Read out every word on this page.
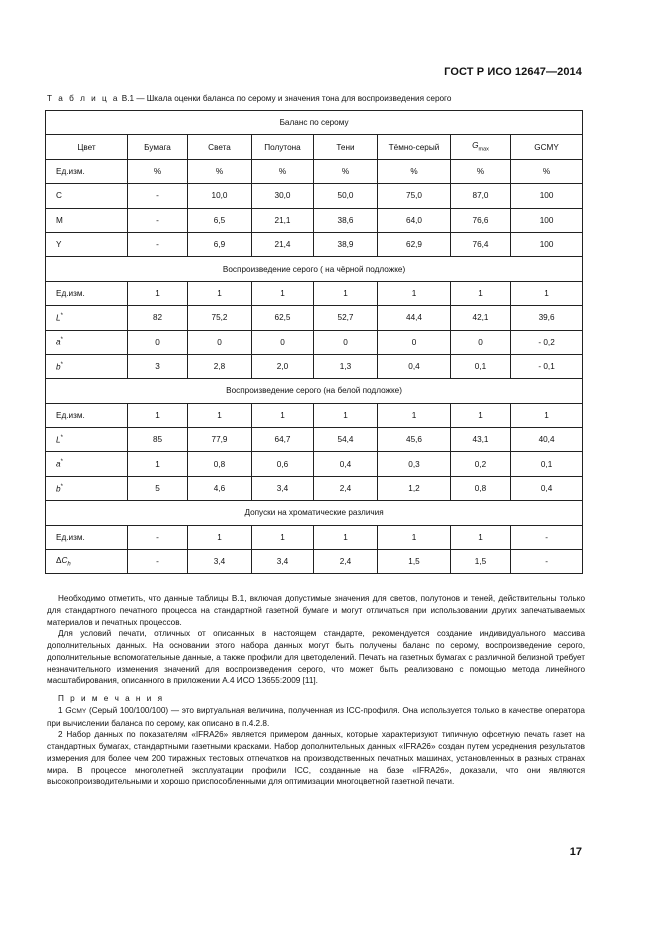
ГОСТ Р ИСО 12647—2014
Т а б л и ц а В.1 — Шкала оценки баланса по серому и значения тона для воспроизведения серого
Баланс по серому							
Цвет	Бумага	Света	Полутона	Тени	Тёмно-серый	$G_{max}$	GCMY
Ед.изм.	%	%	%	%	%	%	%
C	-	10,0	30,0	50,0	75,0	87,0	100
M	-	6,5	21,1	38,6	64,0	76,6	100
Y	-	6,9	21,4	38,9	62,9	76,4	100
Воспроизведение серого ( на чёрной подложке)							
Ед.изм.	1	1	1	1	1	1	1
L*	82	75,2	62,5	52,7	44,4	42,1	39,6
a*	0	0	0	0	0	0	- 0,2
b*	3	2,8	2,0	1,3	0,4	0,1	- 0,1
Воспроизведение серого (на белой подложке)							
Ед.изм.	1	1	1	1	1	1	1
L*	85	77,9	64,7	54,4	45,6	43,1	40,4
a*	1	0,8	0,6	0,4	0,3	0,2	0,1
b*	5	4,6	3,4	2,4	1,2	0,8	0,4
Допуски на хроматические различия							
Ед.изм.	-	1	1	1	1	1	-
$\Delta C_h$	-	3,4	3,4	2,4	1,5	1,5	-

Необходимо отметить, что данные таблицы В.1, включая допустимые значения для светов, полутонов и теней, действительны только для стандартного печатного процесса на стандартной газетной бумаге и могут отличаться при использовании других запечатываемых материалов и печатных процессов.

Для условий печати, отличных от описанных в настоящем стандарте, рекомендуется создание индивидуального массива дополнительных данных. На основании этого набора данных могут быть получены баланс по серому, воспроизведение серого, дополнительные вспомогательные данные, а также профили для цветоделений. Печать на газетных бумагах с различной белизной требует незначительного изменения значений для воспроизведения серого, что может быть реализовано с помощью метода линейного масштабирования, описанного в приложении А.4 ИСО 13655:2009 [11].

П р и м е ч а н и я

1 GCMY (Серый 100/100/100) — это виртуальная величина, полученная из ICC-профиля. Она используется только в качестве оператора при вычислении баланса по серому, как описано в п.4.2.8.

2 Набор данных по показателям «IFRA26» является примером данных, которые характеризуют типичную офсетную печать газет на стандартных бумагах, стандартными газетными красками. Набор дополнительных данных «IFRA26» создан путем усреднения результатов измерения для более чем 200 тиражных тестовых отпечатков на производственных печатных машинах, установленных в разных странах мира. В процессе многолетней эксплуатации профили ICC, созданные на базе «IFRA26», доказали, что они являются высокопроизводительными и хорошо приспособленными для оптимизации многоцветной газетной печати.

17
